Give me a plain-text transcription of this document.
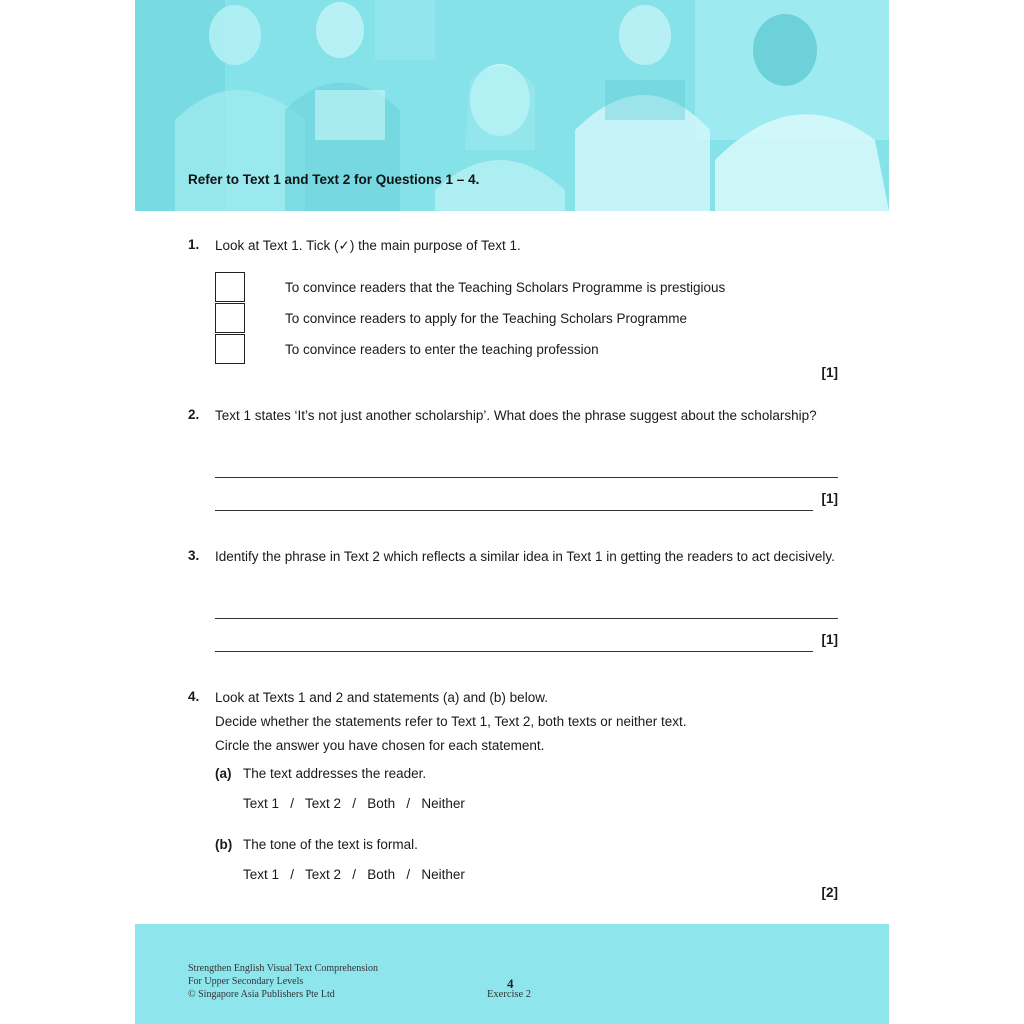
Refer to Text 1 and Text 2 for Questions 1 – 4.
1. Look at Text 1. Tick (✓) the main purpose of Text 1.
To convince readers that the Teaching Scholars Programme is prestigious
To convince readers to apply for the Teaching Scholars Programme
To convince readers to enter the teaching profession
[1]
2. Text 1 states ‘It’s not just another scholarship’. What does the phrase suggest about the scholarship?
[1]
3. Identify the phrase in Text 2 which reflects a similar idea in Text 1 in getting the readers to act decisively.
[1]
4. Look at Texts 1 and 2 and statements (a) and (b) below.
Decide whether the statements refer to Text 1, Text 2, both texts or neither text.
Circle the answer you have chosen for each statement.
(a) The text addresses the reader.
Text 1   /   Text 2   /   Both   /   Neither
(b) The tone of the text is formal.
Text 1   /   Text 2   /   Both   /   Neither
[2]
Strengthen English Visual Text Comprehension
For Upper Secondary Levels
© Singapore Asia Publishers Pte Ltd
4
Exercise 2
